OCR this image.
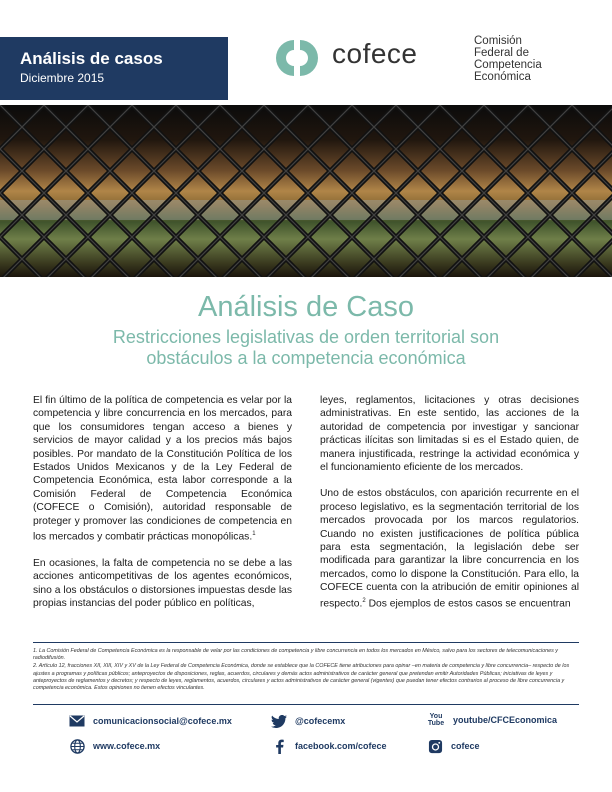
Análisis de casos
Diciembre 2015
cofece	Comisión
Federal de
Competencia
Económica
Análisis de Caso
Restricciones legislativas de orden territorial son obstáculos a la competencia económica

El fin último de la política de competencia es velar por la competencia y libre concurrencia en los mercados, para que los consumidores tengan acceso a bienes y servicios de mayor calidad y a los precios más bajos posibles. Por mandato de la Constitución Política de los Estados Unidos Mexicanos y de la Ley Federal de Competencia Económica, esta labor corresponde a la Comisión Federal de Competencia Económica (COFECE o Comisión), autoridad responsable de proteger y promover las condiciones de competencia en los mercados y combatir prácticas monopólicas.$^1$

En ocasiones, la falta de competencia no se debe a las acciones anticompetitivas de los agentes económicos, sino a los obstáculos o distorsiones impuestas desde las propias instancias del poder público en políticas,

leyes, reglamentos, licitaciones y otras decisiones administrativas. En este sentido, las acciones de la autoridad de competencia por investigar y sancionar prácticas ilícitas son limitadas si es el Estado quien, de manera injustificada, restringe la actividad económica y el funcionamiento eficiente de los mercados.

Uno de estos obstáculos, con aparición recurrente en el proceso legislativo, es la segmentación territorial de los mercados provocada por los marcos regulatorios. Cuando no existen justificaciones de política pública para esta segmentación, la legislación debe ser modificada para garantizar la libre concurrencia en los mercados, como lo dispone la Constitución. Para ello, la COFECE cuenta con la atribución de emitir opiniones al respecto.$^2$ Dos ejemplos de estos casos se encuentran

1. La Comisión Federal de Competencia Económica es la responsable de velar por las condiciones de competencia y libre concurrencia en todos los mercados en México, salvo para los sectores de telecomunicaciones y radiodifusión.

2. Artículo 12, fracciones XII, XIII, XIV y XV de la Ley Federal de Competencia Económica, donde se establece que la COFECE tiene atribuciones para opinar –en materia de competencia y libre concurrencia– respecto de los ajustes a programas y políticas públicos; anteproyectos de disposiciones, reglas, acuerdos, circulares y demás actos administrativos de carácter general que pretendan emitir Autoridades Públicas; iniciativas de leyes y anteproyectos de reglamentos y decretos; y respecto de leyes, reglamentos, acuerdos, circulares y actos administrativos de carácter general (vigentes) que puedan tener efectos contrarios al proceso de libre concurrencia y competencia económica. Estos opiniones no tienen efectos vinculantes.

comunicacionsocial@cofece.mx	@cofecemx	You Tube youtube/CFCEconomica
www.cofece.mx	facebook.com/cofece	cofece
